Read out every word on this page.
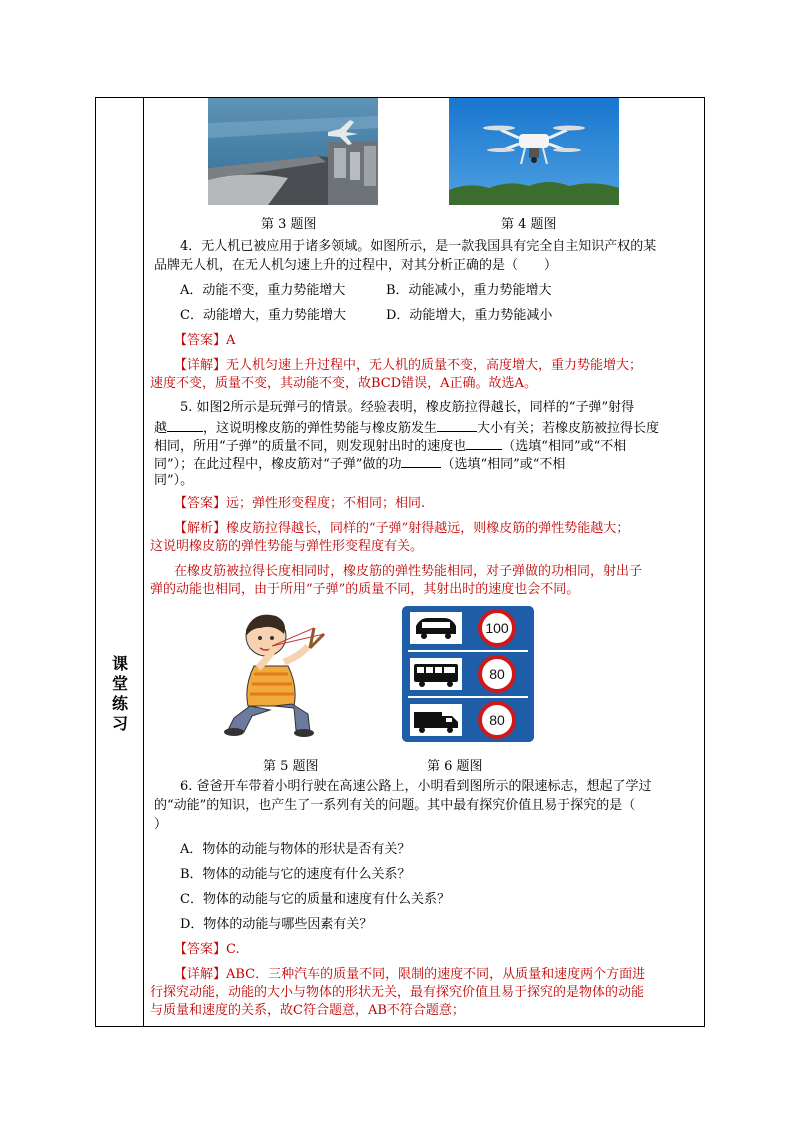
课
堂
练
习
第 3 题图	第 4 题图
4．无人机已被应用于诸多领域。如图所示，是一款我国具有完全自主知识产权的某
品牌无人机，在无人机匀速上升的过程中，对其分析正确的是（　　）
A．动能不变，重力势能增大	B．动能减小，重力势能增大
C．动能增大，重力势能增大	D．动能增大，重力势能减小
【答案】A
【详解】无人机匀速上升过程中，无人机的质量不变，高度增大，重力势能增大；
速度不变，质量不变，其动能不变，故BCD错误，A正确。故选A。
5. 如图2所示是玩弹弓的情景。经验表明，橡皮筋拉得越长，同样的“子弹”射得
越	，这说明橡皮筋的弹性势能与橡皮筋发生	大小有关；若橡皮筋被拉得长度
相同，所用“子弹”的质量不同，则发现射出时的速度也	（选填“相同”或“不相
同”）；在此过程中，橡皮筋对“子弹”做的功	（选填“相同”或“不相
同”）。
【答案】远；弹性形变程度；不相同；相同.
【解析】橡皮筋拉得越长，同样的“子弹”射得越远，则橡皮筋的弹性势能越大；
这说明橡皮筋的弹性势能与弹性形变程度有关。
在橡皮筋被拉得长度相同时，橡皮筋的弹性势能相同，对子弹做的功相同，射出子
弹的动能也相同，由于所用“子弹”的质量不同，其射出时的速度也会不同。
100
80
80
第 5 题图	第 6 题图
6. 爸爸开车带着小明行驶在高速公路上，小明看到图所示的限速标志，想起了学过
的“动能”的知识，也产生了一系列有关的问题。其中最有探究价值且易于探究的是（
）
A．物体的动能与物体的形状是否有关？
B．物体的动能与它的速度有什么关系？
C．物体的动能与它的质量和速度有什么关系？
D．物体的动能与哪些因素有关？
【答案】C.
【详解】ABC．三种汽车的质量不同，限制的速度不同，从质量和速度两个方面进
行探究动能，动能的大小与物体的形状无关，最有探究价值且易于探究的是物体的动能
与质量和速度的关系，故C符合题意，AB不符合题意；
